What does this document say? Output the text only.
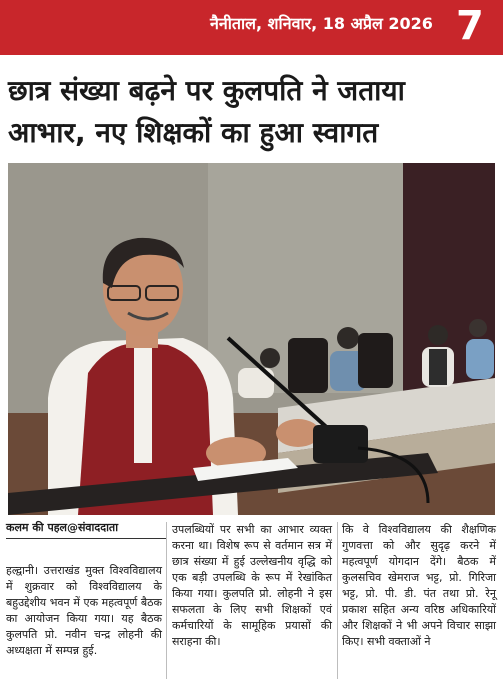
नैनीताल, शनिवार, 18 अप्रैल 2026 7
छात्र संख्या बढ़ने पर कुलपति ने जताया
आभार, नए शिक्षकों का हुआ स्वागत
कलम की पहल@संवाददाता
हल्द्वानी। उत्तराखंड मुक्त विश्वविद्यालय में शुक्रवार को विश्वविद्यालय के बहुउद्देशीय भवन में एक महत्वपूर्ण बैठक का आयोजन किया गया। यह बैठक कुलपति प्रो. नवीन चन्द्र लोहनी की अध्यक्षता में सम्पन्न हुई.
उपलब्धियों पर सभी का आभार व्यक्त करना था। विशेष रूप से वर्तमान सत्र में छात्र संख्या में हुई उल्लेखनीय वृद्धि को एक बड़ी उपलब्धि के रूप में रेखांकित किया गया। कुलपति प्रो. लोहनी ने इस सफलता के लिए सभी शिक्षकों एवं कर्मचारियों के सामूहिक प्रयासों की सराहना की।
कि वे विश्वविद्यालय की शैक्षणिक गुणवत्ता को और सुदृढ़ करने में महत्वपूर्ण योगदान देंगे। बैठक में कुलसचिव खेमराज भट्ट, प्रो. गिरिजा भट्ट, प्रो. पी. डी. पंत तथा प्रो. रेनू प्रकाश सहित अन्य वरिष्ठ अधिकारियों और शिक्षकों ने भी अपने विचार साझा किए। सभी वक्ताओं ने
